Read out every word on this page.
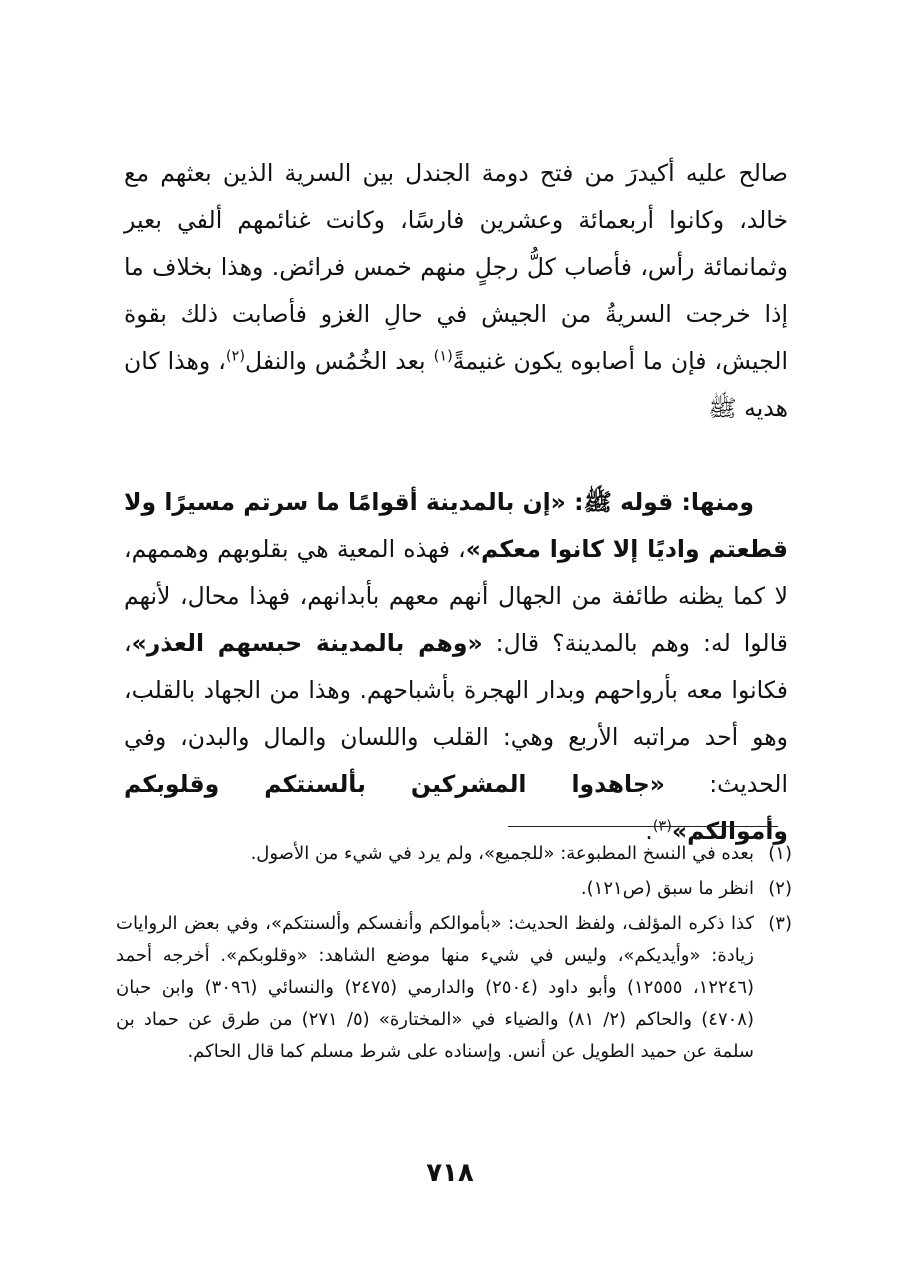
صالح عليه أكيدرَ من فتح دومة الجندل بين السرية الذين بعثهم مع خالد، وكانوا أربعمائة وعشرين فارسًا، وكانت غنائمهم ألفي بعير وثمانمائة رأس، فأصاب كلُّ رجلٍ منهم خمس فرائض. وهذا بخلاف ما إذا خرجت السريةُ من الجيش في حالِ الغزو فأصابت ذلك بقوة الجيش، فإن ما أصابوه يكون غنيمةً$^{(١)}$ بعد الخُمُس والنفل$^{(٢)}$، وهذا كان هديه ﷺ

ومنها: قوله ﷺ: «إن بالمدينة أقوامًا ما سرتم مسيرًا ولا قطعتم واديًا إلا كانوا معكم»، فهذه المعية هي بقلوبهم وهممهم، لا كما يظنه طائفة من الجهال أنهم معهم بأبدانهم، فهذا محال، لأنهم قالوا له: وهم بالمدينة؟ قال: «وهم بالمدينة حبسهم العذر»، فكانوا معه بأرواحهم وبدار الهجرة بأشباحهم. وهذا من الجهاد بالقلب، وهو أحد مراتبه الأربع وهي: القلب واللسان والمال والبدن، وفي الحديث: «جاهدوا المشركين بألسنتكم وقلوبكم وأموالكم»$^{(٣)}$.

(١)
بعده في النسخ المطبوعة: «للجميع»، ولم يرد في شيء من الأصول.
(٢)
انظر ما سبق (ص١٢١).
(٣)
كذا ذكره المؤلف، ولفظ الحديث: «بأموالكم وأنفسكم وألسنتكم»، وفي بعض الروايات زيادة: «وأيديكم»، وليس في شيء منها موضع الشاهد: «وقلوبكم». أخرجه أحمد (١٢٢٤٦، ١٢٥٥٥) وأبو داود (٢٥٠٤) والدارمي (٢٤٧٥) والنسائي (٣٠٩٦) وابن حبان (٤٧٠٨) والحاكم (٢/ ٨١) والضياء في «المختارة» (٥/ ٢٧١) من طرق عن حماد بن سلمة عن حميد الطويل عن أنس. وإسناده على شرط مسلم كما قال الحاكم.
٧١٨
